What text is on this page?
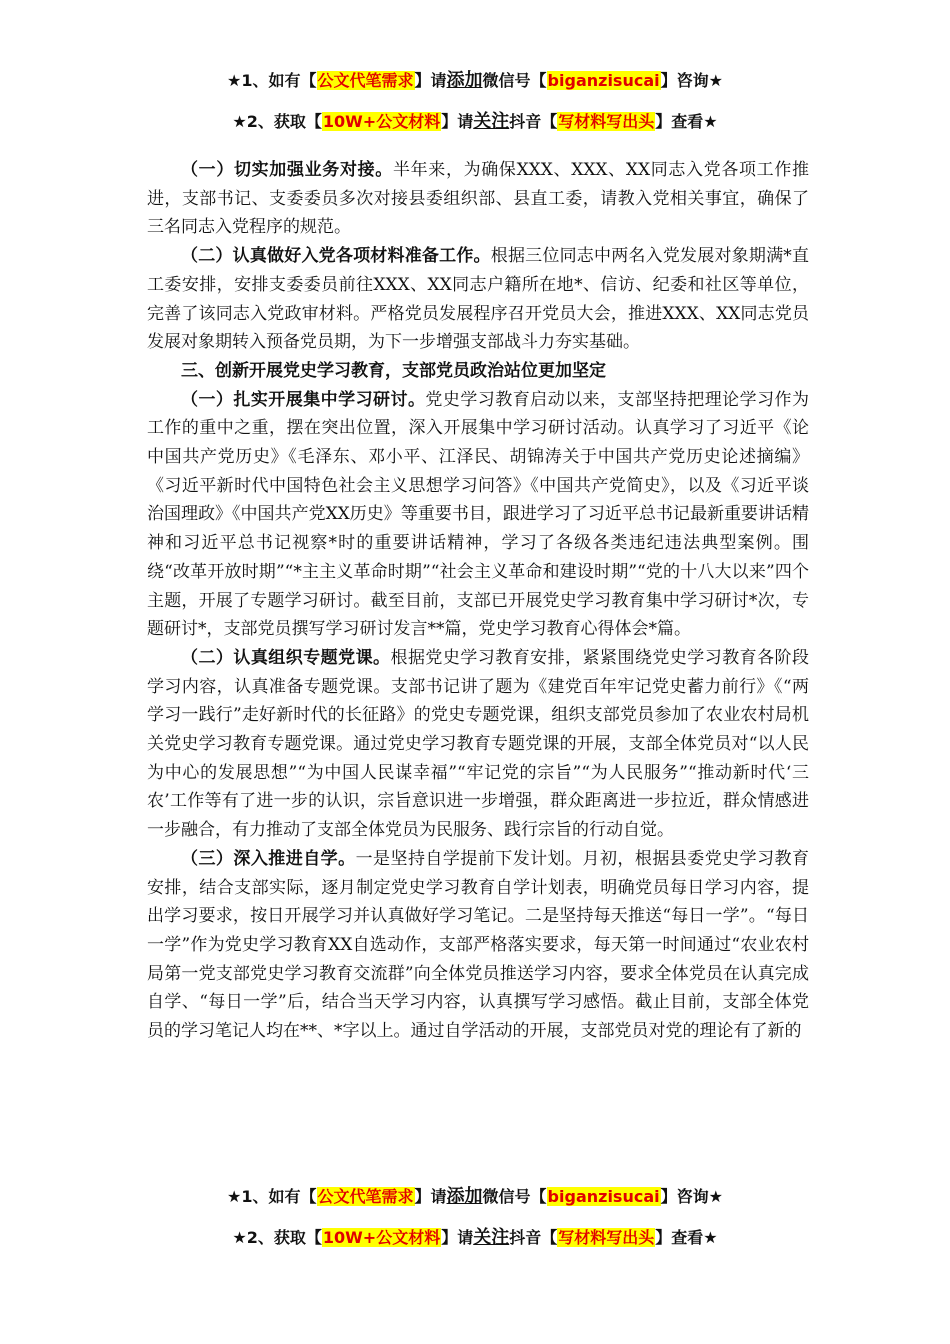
★1、如有【公文代笔需求】请添加微信号【biganzisucai】咨询★
★2、获取【10W+公文材料】请关注抖音【写材料写出头】查看★

（一）切实加强业务对接。半年来，为确保XXX、XXX、XX同志入党各项工作推进，支部书记、支委委员多次对接县委组织部、县直工委，请教入党相关事宜，确保了三名同志入党程序的规范。

（二）认真做好入党各项材料准备工作。根据三位同志中两名入党发展对象期满*直工委安排，安排支委委员前往XXX、XX同志户籍所在地*、信访、纪委和社区等单位，完善了该同志入党政审材料。严格党员发展程序召开党员大会，推进XXX、XX同志党员发展对象期转入预备党员期，为下一步增强支部战斗力夯实基础。

三、创新开展党史学习教育，支部党员政治站位更加坚定

（一）扎实开展集中学习研讨。党史学习教育启动以来，支部坚持把理论学习作为工作的重中之重，摆在突出位置，深入开展集中学习研讨活动。认真学习了习近平《论中国共产党历史》《毛泽东、邓小平、江泽民、胡锦涛关于中国共产党历史论述摘编》《习近平新时代中国特色社会主义思想学习问答》《中国共产党简史》，以及《习近平谈治国理政》《中国共产党XX历史》等重要书目，跟进学习了习近平总书记最新重要讲话精神和习近平总书记视察*时的重要讲话精神，学习了各级各类违纪违法典型案例。围绕“改革开放时期”“*主主义革命时期”“社会主义革命和建设时期”“党的十八大以来”四个主题，开展了专题学习研讨。截至目前，支部已开展党史学习教育集中学习研讨*次，专题研讨*，支部党员撰写学习研讨发言**篇，党史学习教育心得体会*篇。

（二）认真组织专题党课。根据党史学习教育安排，紧紧围绕党史学习教育各阶段学习内容，认真准备专题党课。支部书记讲了题为《建党百年牢记党史蓄力前行》《“两学习一践行”走好新时代的长征路》的党史专题党课，组织支部党员参加了农业农村局机关党史学习教育专题党课。通过党史学习教育专题党课的开展，支部全体党员对“以人民为中心的发展思想”“为中国人民谋幸福”“牢记党的宗旨”“为人民服务”“推动新时代‘三农’工作等有了进一步的认识，宗旨意识进一步增强，群众距离进一步拉近，群众情感进一步融合，有力推动了支部全体党员为民服务、践行宗旨的行动自觉。

（三）深入推进自学。一是坚持自学提前下发计划。月初，根据县委党史学习教育安排，结合支部实际，逐月制定党史学习教育自学计划表，明确党员每日学习内容，提出学习要求，按日开展学习并认真做好学习笔记。二是坚持每天推送“每日一学”。“每日一学”作为党史学习教育XX自选动作，支部严格落实要求，每天第一时间通过“农业农村局第一党支部党史学习教育交流群”向全体党员推送学习内容，要求全体党员在认真完成自学、“每日一学”后，结合当天学习内容，认真撰写学习感悟。截止目前，支部全体党员的学习笔记人均在**、*字以上。通过自学活动的开展，支部党员对党的理论有了新的

★1、如有【公文代笔需求】请添加微信号【biganzisucai】咨询★
★2、获取【10W+公文材料】请关注抖音【写材料写出头】查看★
